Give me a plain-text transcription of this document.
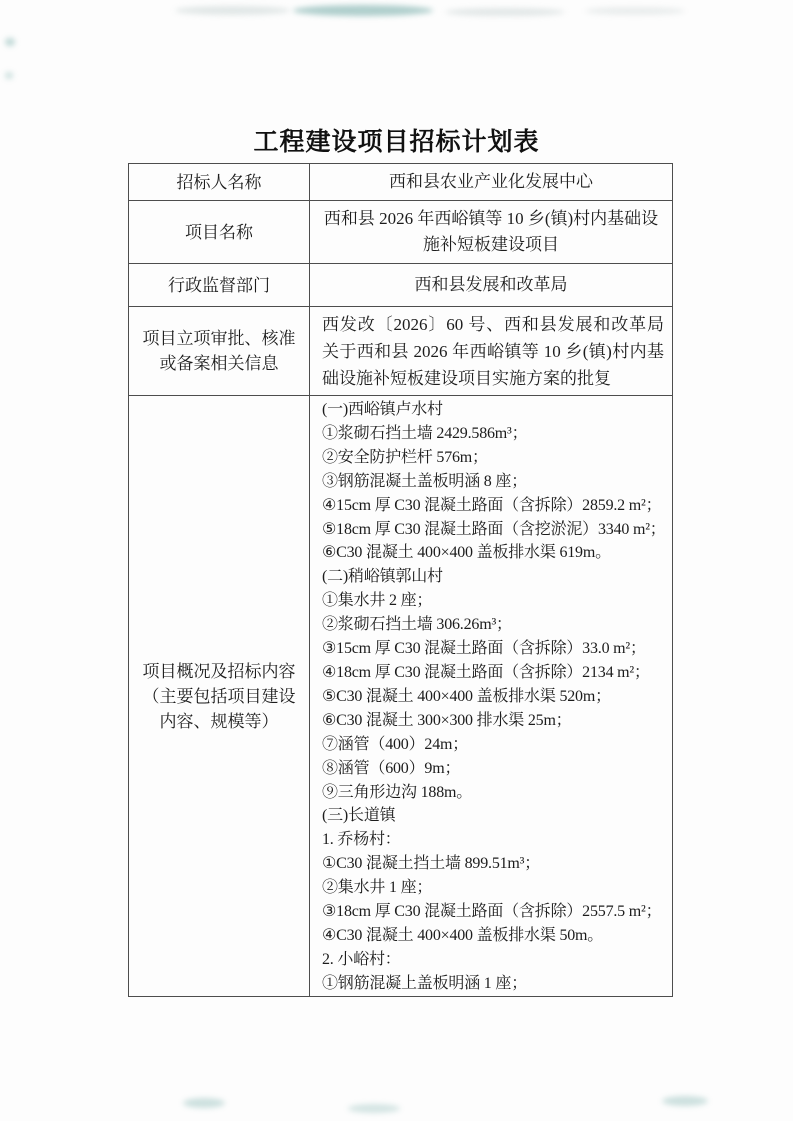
工程建设项目招标计划表
招标人名称	西和县农业产业化发展中心
项目名称
西和县 2026 年西峪镇等 10 乡(镇)村内基础设施补短板建设项目
行政监督部门	西和县发展和改革局
项目立项审批、核准或备案相关信息
西发改〔2026〕60 号、西和县发展和改革局关于西和县 2026 年西峪镇等 10 乡(镇)村内基础设施补短板建设项目实施方案的批复
项目概况及招标内容（主要包括项目建设内容、规模等）
(一)西峪镇卢水村
①浆砌石挡土墙 2429.586m³；
②安全防护栏杆 576m；
③钢筋混凝土盖板明涵 8 座；
④15cm 厚 C30 混凝土路面（含拆除）2859.2 m²；
⑤18cm 厚 C30 混凝土路面（含挖淤泥）3340 m²；
⑥C30 混凝土 400×400 盖板排水渠 619m。
(二)稍峪镇郭山村
①集水井 2 座；
②浆砌石挡土墙 306.26m³；
③15cm 厚 C30 混凝土路面（含拆除）33.0 m²；
④18cm 厚 C30 混凝土路面（含拆除）2134 m²；
⑤C30 混凝土 400×400 盖板排水渠 520m；
⑥C30 混凝土 300×300 排水渠 25m；
⑦涵管（400）24m；
⑧涵管（600）9m；
⑨三角形边沟 188m。
(三)长道镇
1. 乔杨村：
①C30 混凝土挡土墙 899.51m³；
②集水井 1 座；
③18cm 厚 C30 混凝土路面（含拆除）2557.5 m²；
④C30 混凝土 400×400 盖板排水渠 50m。
2. 小峪村：
①钢筋混凝上盖板明涵 1 座；
